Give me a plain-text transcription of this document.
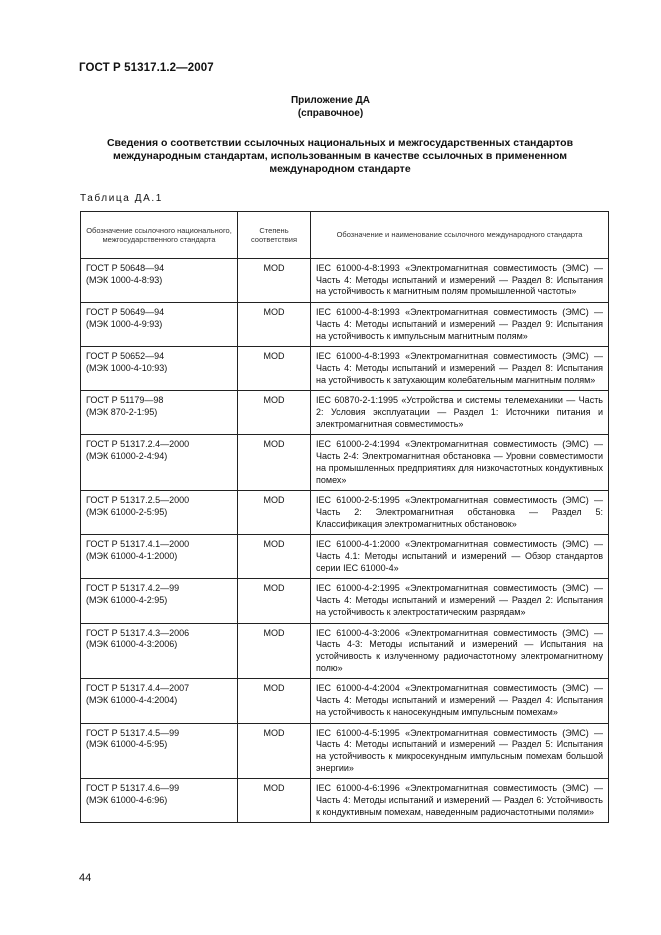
ГОСТ Р 51317.1.2—2007
Приложение ДА
(справочное)
Сведения о соответствии ссылочных национальных и межгосударственных стандартов
международным стандартам, использованным в качестве ссылочных в примененном
международном стандарте
Таблица ДА.1
Обозначение ссылочного национального, межгосударственного стандарта	Степень соответствия	Обозначение и наименование ссылочного международного стандарта

ГОСТ Р 50648—94
(МЭК 1000-4-8:93)	MOD	IEC 61000-4-8:1993 «Электромагнитная совместимость (ЭМС) — Часть 4: Методы испытаний и измерений — Раздел 8: Испытания на устойчивость к магнитным полям промышленной частоты»

ГОСТ Р 50649—94
(МЭК 1000-4-9:93)	MOD	IEC 61000-4-8:1993 «Электромагнитная совместимость (ЭМС) — Часть 4: Методы испытаний и измерений — Раздел 9: Испытания на устойчивость к импульсным магнитным полям»

ГОСТ Р 50652—94
(МЭК 1000-4-10:93)	MOD	IEC 61000-4-8:1993 «Электромагнитная совместимость (ЭМС) — Часть 4: Методы испытаний и измерений — Раздел 8: Испытания на устойчивость к затухающим колебательным магнитным полям»

ГОСТ Р 51179—98
(МЭК 870-2-1:95)	MOD	IEC 60870-2-1:1995 «Устройства и системы телемеханики — Часть 2: Условия эксплуатации — Раздел 1: Источники питания и электромагнитная совместимость»

ГОСТ Р 51317.2.4—2000
(МЭК 61000-2-4:94)	MOD	IEC 61000-2-4:1994 «Электромагнитная совместимость (ЭМС) — Часть 2-4: Электромагнитная обстановка — Уровни совместимости на промышленных предприятиях для низкочастотных кондуктивных помех»

ГОСТ Р 51317.2.5—2000
(МЭК 61000-2-5:95)	MOD	IEC 61000-2-5:1995 «Электромагнитная совместимость (ЭМС) — Часть 2: Электромагнитная обстановка — Раздел 5: Классификация электромагнитных обстановок»

ГОСТ Р 51317.4.1—2000
(МЭК 61000-4-1:2000)	MOD	IEC 61000-4-1:2000 «Электромагнитная совместимость (ЭМС) — Часть 4.1: Методы испытаний и измерений — Обзор стандартов серии IEC 61000-4»

ГОСТ Р 51317.4.2—99
(МЭК 61000-4-2:95)	MOD	IEC 61000-4-2:1995 «Электромагнитная совместимость (ЭМС) — Часть 4: Методы испытаний и измерений — Раздел 2: Испытания на устойчивость к электростатическим разрядам»

ГОСТ Р 51317.4.3—2006
(МЭК 61000-4-3:2006)	MOD	IEC 61000-4-3:2006 «Электромагнитная совместимость (ЭМС) — Часть 4-3: Методы испытаний и измерений — Испытания на устойчивость к излученному радиочастотному электромагнитному полю»

ГОСТ Р 51317.4.4—2007
(МЭК 61000-4-4:2004)	MOD	IEC 61000-4-4:2004 «Электромагнитная совместимость (ЭМС) — Часть 4: Методы испытаний и измерений — Раздел 4: Испытания на устойчивость к наносекундным импульсным помехам»

ГОСТ Р 51317.4.5—99
(МЭК 61000-4-5:95)	MOD	IEC 61000-4-5:1995 «Электромагнитная совместимость (ЭМС) — Часть 4: Методы испытаний и измерений — Раздел 5: Испытания на устойчивость к микросекундным импульсным помехам большой энергии»

ГОСТ Р 51317.4.6—99
(МЭК 61000-4-6:96)	MOD	IEC 61000-4-6:1996 «Электромагнитная совместимость (ЭМС) — Часть 4: Методы испытаний и измерений — Раздел 6: Устойчивость к кондуктивным помехам, наведенным радиочастотными полями»
44
